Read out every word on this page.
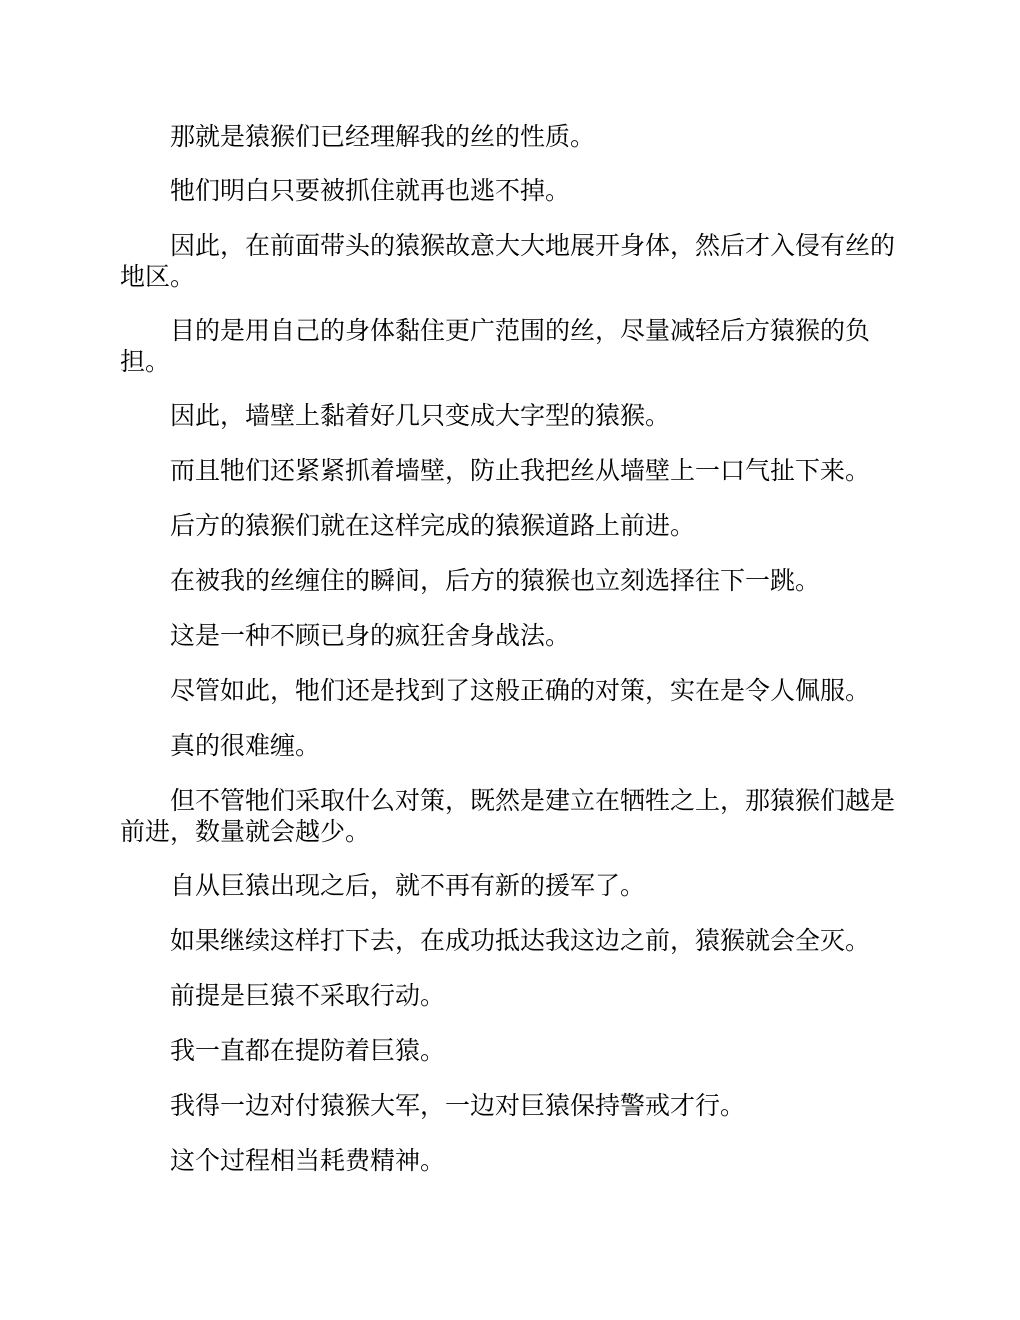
那就是猿猴们已经理解我的丝的性质。

牠们明白只要被抓住就再也逃不掉。

因此，在前面带头的猿猴故意大大地展开身体，然后才入侵有丝的地区。

目的是用自己的身体黏住更广范围的丝，尽量减轻后方猿猴的负担。

因此，墙壁上黏着好几只变成大字型的猿猴。

而且牠们还紧紧抓着墙壁，防止我把丝从墙壁上一口气扯下来。

后方的猿猴们就在这样完成的猿猴道路上前进。

在被我的丝缠住的瞬间，后方的猿猴也立刻选择往下一跳。

这是一种不顾已身的疯狂舍身战法。

尽管如此，牠们还是找到了这般正确的对策，实在是令人佩服。

真的很难缠。

但不管牠们采取什么对策，既然是建立在牺牲之上，那猿猴们越是前进，数量就会越少。

自从巨猿出现之后，就不再有新的援军了。

如果继续这样打下去，在成功抵达我这边之前，猿猴就会全灭。

前提是巨猿不采取行动。

我一直都在提防着巨猿。

我得一边对付猿猴大军，一边对巨猿保持警戒才行。

这个过程相当耗费精神。
